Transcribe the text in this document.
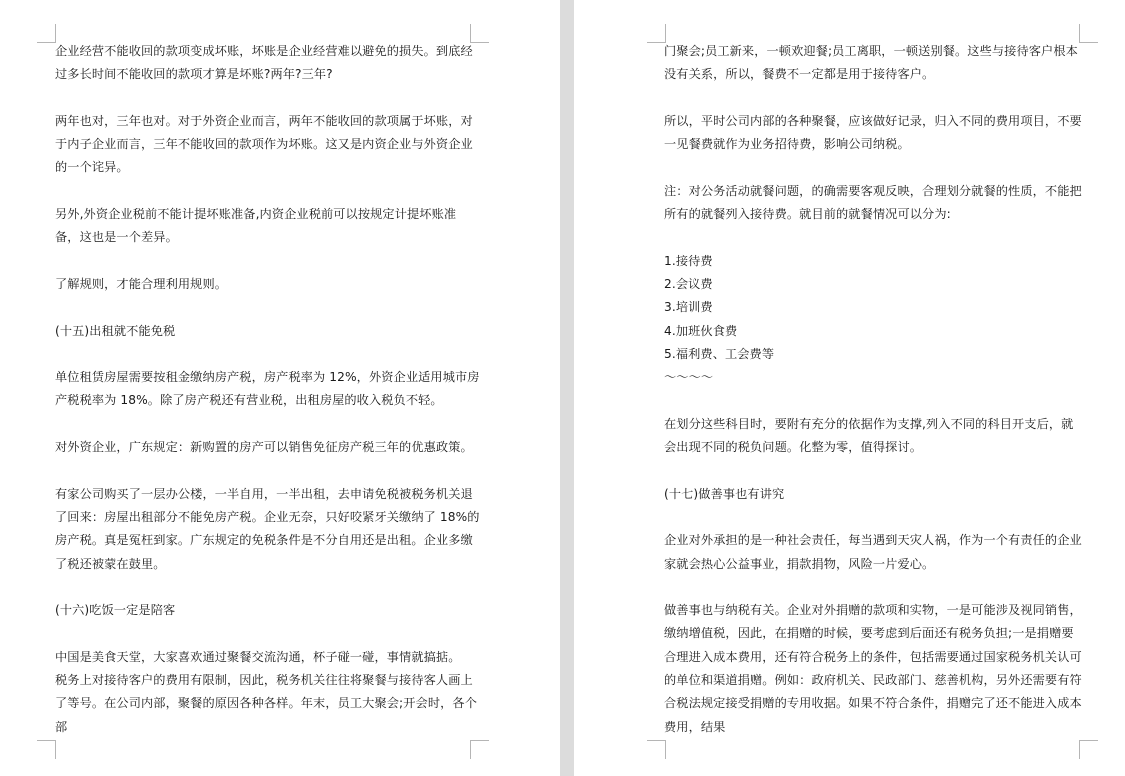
企业经营不能收回的款项变成坏账，坏账是企业经营难以避免的损失。到底经过多长时间不能收回的款项才算是坏账?两年?三年?

两年也对，三年也对。对于外资企业而言，两年不能收回的款项属于坏账，对于内子企业而言，三年不能收回的款项作为坏账。这又是内资企业与外资企业的一个诧异。

另外,外资企业税前不能计提坏账准备,内资企业税前可以按规定计提坏账准备，这也是一个差异。

了解规则，才能合理利用规则。

(十五)出租就不能免税

单位租赁房屋需要按租金缴纳房产税，房产税率为 12%，外资企业适用城市房产税税率为 18%。除了房产税还有营业税，出租房屋的收入税负不轻。

对外资企业，广东规定：新购置的房产可以销售免征房产税三年的优惠政策。

有家公司购买了一层办公楼，一半自用，一半出租，去申请免税被税务机关退了回来：房屋出租部分不能免房产税。企业无奈，只好咬紧牙关缴纳了 18%的房产税。真是冤枉到家。广东规定的免税条件是不分自用还是出租。企业多缴了税还被蒙在鼓里。

(十六)吃饭一定是陪客

中国是美食天堂，大家喜欢通过聚餐交流沟通，杯子碰一碰，事情就搞掂。

税务上对接待客户的费用有限制，因此，税务机关往往将聚餐与接待客人画上了等号。在公司内部，聚餐的原因各种各样。年末，员工大聚会;开会时，各个部

门聚会;员工新来，一顿欢迎餐;员工离职，一顿送别餐。这些与接待客户根本没有关系，所以，餐费不一定都是用于接待客户。

所以，平时公司内部的各种聚餐，应该做好记录，归入不同的费用项目，不要一见餐费就作为业务招待费，影响公司纳税。

注：对公务活动就餐问题，的确需要客观反映，合理划分就餐的性质，不能把所有的就餐列入接待费。就目前的就餐情况可以分为:

1.接待费

2.会议费

3.培训费

4.加班伙食费

5.福利费、工会费等

～～～～

在划分这些科目时，要附有充分的依据作为支撑,列入不同的科目开支后，就会出现不同的税负问题。化整为零，值得探讨。

(十七)做善事也有讲究

企业对外承担的是一种社会责任，每当遇到天灾人祸，作为一个有责任的企业家就会热心公益事业，捐款捐物，风险一片爱心。

做善事也与纳税有关。企业对外捐赠的款项和实物，一是可能涉及视同销售，缴纳增值税，因此，在捐赠的时候，要考虑到后面还有税务负担;一是捐赠要合理进入成本费用，还有符合税务上的条件，包括需要通过国家税务机关认可的单位和渠道捐赠。例如：政府机关、民政部门、慈善机构，另外还需要有符合税法规定接受捐赠的专用收据。如果不符合条件，捐赠完了还不能进入成本费用，结果
